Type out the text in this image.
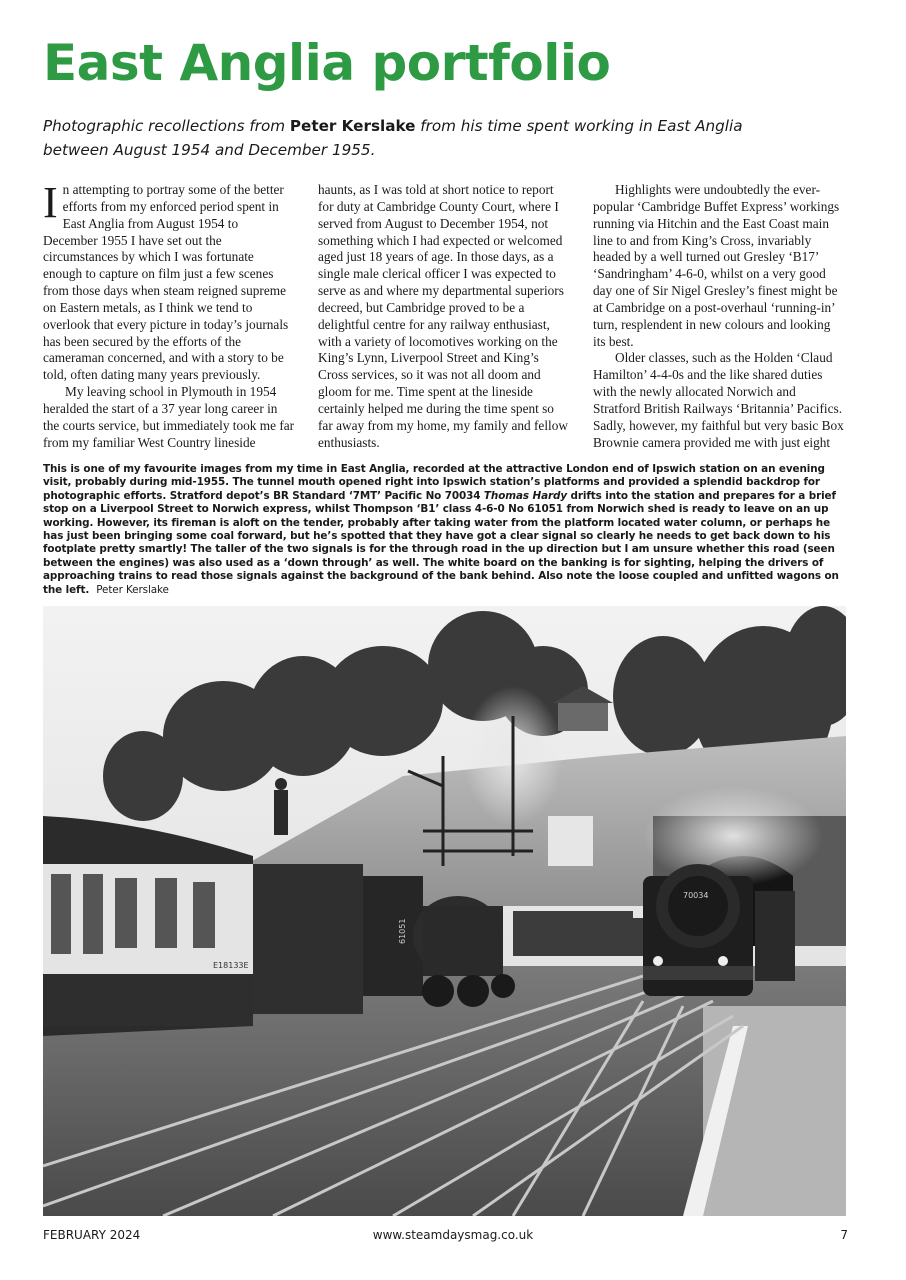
East Anglia portfolio

Photographic recollections from Peter Kerslake from his time spent working in East Anglia between August 1954 and December 1955.

In attempting to portray some of the better efforts from my enforced period spent in East Anglia from August 1954 to December 1955 I have set out the circumstances by which I was fortunate enough to capture on film just a few scenes from those days when steam reigned supreme on Eastern metals, as I think we tend to overlook that every picture in today’s journals has been secured by the efforts of the cameraman concerned, and with a story to be told, often dating many years previously.

My leaving school in Plymouth in 1954 heralded the start of a 37 year long career in the courts service, but immediately took me far from my familiar West Country lineside

haunts, as I was told at short notice to report for duty at Cambridge County Court, where I served from August to December 1954, not something which I had expected or welcomed aged just 18 years of age. In those days, as a single male clerical officer I was expected to serve as and where my departmental superiors decreed, but Cambridge proved to be a delightful centre for any railway enthusiast, with a variety of locomotives working on the King’s Lynn, Liverpool Street and King’s Cross services, so it was not all doom and gloom for me. Time spent at the lineside certainly helped me during the time spent so far away from my home, my family and fellow enthusiasts.

Highlights were undoubtedly the ever-popular ‘Cambridge Buffet Express’ workings running via Hitchin and the East Coast main line to and from King’s Cross, invariably headed by a well turned out Gresley ‘B17’ ‘Sandringham’ 4-6-0, whilst on a very good day one of Sir Nigel Gresley’s finest might be at Cambridge on a post-overhaul ‘running-in’ turn, resplendent in new colours and looking its best.

Older classes, such as the Holden ‘Claud Hamilton’ 4-4-0s and the like shared duties with the newly allocated Norwich and Stratford British Railways ‘Britannia’ Pacifics. Sadly, however, my faithful but very basic Box Brownie camera provided me with just eight

This is one of my favourite images from my time in East Anglia, recorded at the attractive London end of Ipswich station on an evening visit, probably during mid-1955. The tunnel mouth opened right into Ipswich station’s platforms and provided a splendid backdrop for photographic efforts. Stratford depot’s BR Standard ‘7MT’ Pacific No 70034 Thomas Hardy drifts into the station and prepares for a brief stop on a Liverpool Street to Norwich express, whilst Thompson ‘B1’ class 4-6-0 No 61051 from Norwich shed is ready to leave on an up working. However, its fireman is aloft on the tender, probably after taking water from the platform located water column, or perhaps he has just been bringing some coal forward, but he’s spotted that they have got a clear signal so clearly he needs to get back down to his footplate pretty smartly! The taller of the two signals is for the through road in the up direction but I am unsure whether this road (seen between the engines) was also used as a ‘down through’ as well. The white board on the banking is for sighting, helping the drivers of approaching trains to read those signals against the background of the bank behind. Also note the loose coupled and unfitted wagons on the left. Peter Kerslake

70034
E18133E
61051
FEBRUARY 2024	www.steamdaysmag.co.uk	7
